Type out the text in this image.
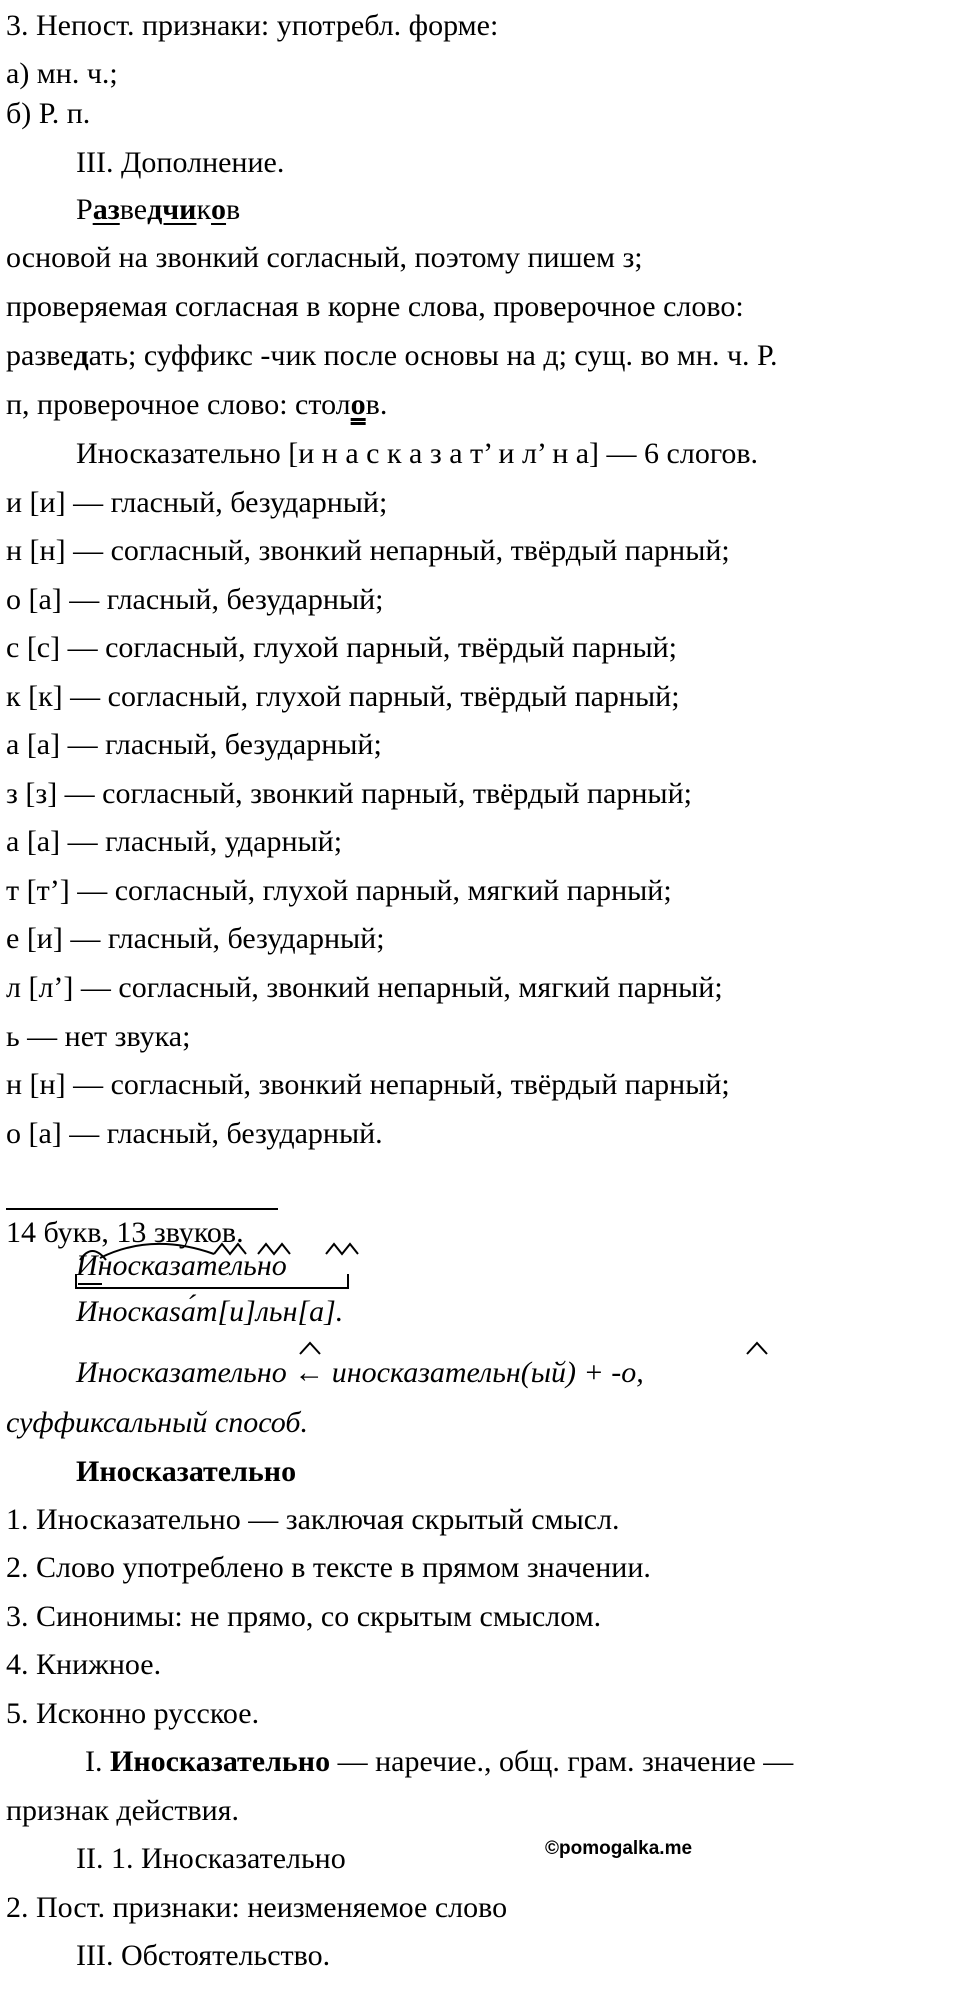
3. Непост. признаки: употребл. форме:
а) мн. ч.;
б) Р. п.
III. Дополнение.
Разведчиков
основой на звонкий согласный, поэтому пишем з;
проверяемая согласная в корне слова, проверочное слово:
разведать; суффикс -чик после основы на д; сущ. во мн. ч. Р.
п, проверочное слово: столов.
Иносказательно [и н а с к а з а т’ и л’ н а] — 6 слогов.
и [и] — гласный, безударный;
н [н] — согласный, звонкий непарный, твёрдый парный;
о [а] — гласный, безударный;
с [с] — согласный, глухой парный, твёрдый парный;
к [к] — согласный, глухой парный, твёрдый парный;
а [а] — гласный, безударный;
з [з] — согласный, звонкий парный, твёрдый парный;
а [а] — гласный, ударный;
т [т’] — согласный, глухой парный, мягкий парный;
е [и] — гласный, безударный;
л [л’] — согласный, звонкий непарный, мягкий парный;
ь — нет звука;
н [н] — согласный, звонкий непарный, твёрдый парный;
о [а] — гласный, безударный.
14 букв, 13 звуков.
Иносказательно
Иноскаѕа́т[и]льн[а].
Иносказательно ← иносказательн(ый) + -о,
суффиксальный способ.
Иносказательно
1. Иносказательно — заключая скрытый смысл.
2. Слово употреблено в тексте в прямом значении.
3. Синонимы: не прямо, со скрытым смыслом.
4. Книжное.
5. Исконно русское.
I. Иносказательно — наречие., общ. грам. значение —
признак действия.
©pomogalka.me
II. 1. Иносказательно
2. Пост. признаки: неизменяемое слово
III. Обстоятельство.
